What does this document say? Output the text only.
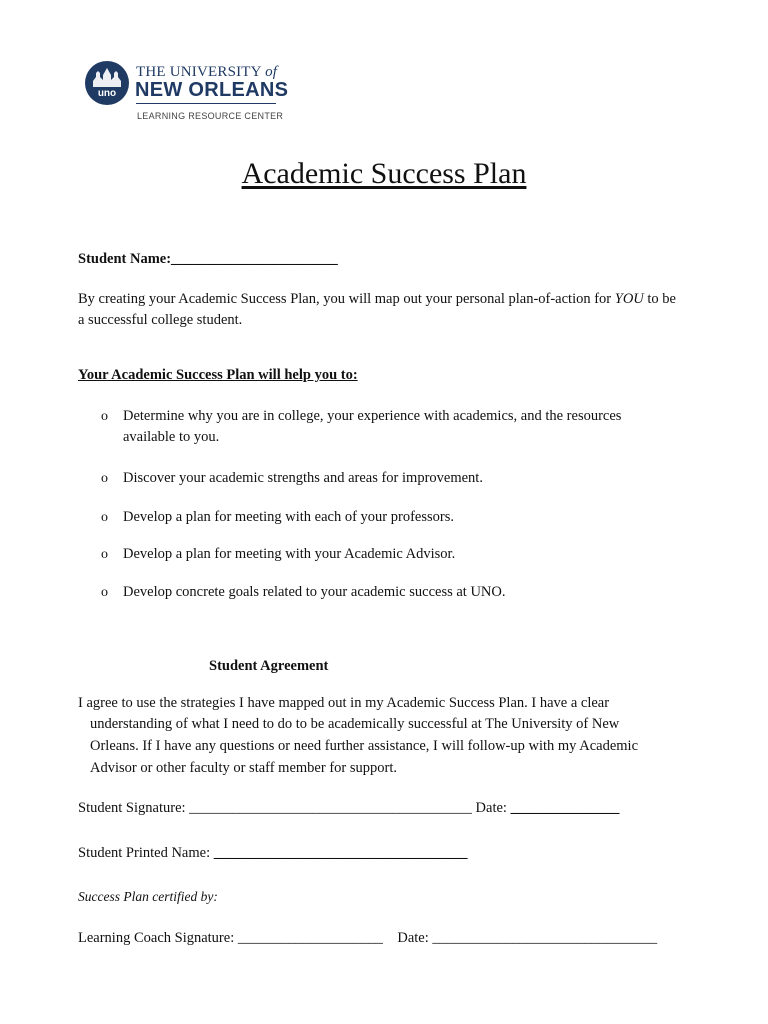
uno
THE UNIVERSITY of
NEW ORLEANS
LEARNING RESOURCE CENTER
Academic Success Plan
Student Name:_______________________
By creating your Academic Success Plan, you will map out your personal plan-of-action for YOU to be
a successful college student.
Your Academic Success Plan will help you to:
o Determine why you are in college, your experience with academics, and the resources
available to you.
o Discover your academic strengths and areas for improvement.
o Develop a plan for meeting with each of your professors.
o Develop a plan for meeting with your Academic Advisor.
o Develop concrete goals related to your academic success at UNO.
Student Agreement
I agree to use the strategies I have mapped out in my Academic Success Plan. I have a clear
understanding of what I need to do to be academically successful at The University of New
Orleans. If I have any questions or need further assistance, I will follow-up with my Academic
Advisor or other faculty or staff member for support.
Student Signature: _______________________________________ Date: _______________
Student Printed Name: ___________________________________
Success Plan certified by:
Learning Coach Signature: ____________________    Date: _______________________________
